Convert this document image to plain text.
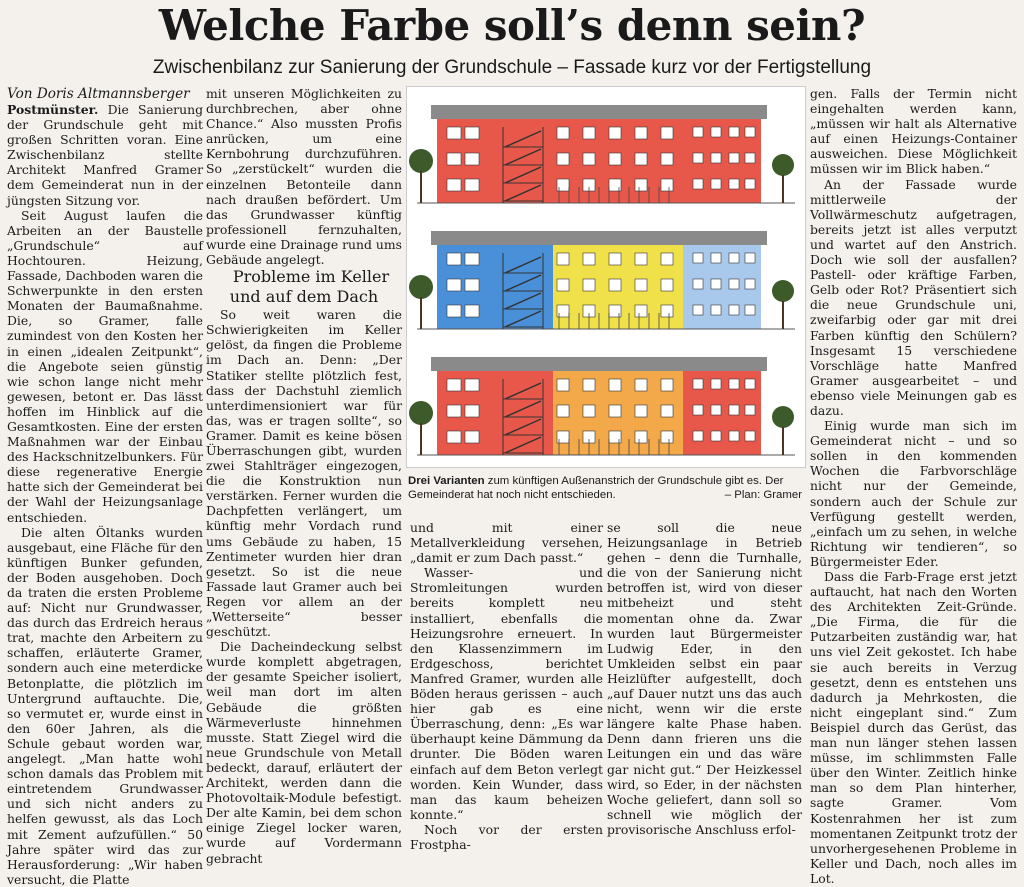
Welche Farbe soll’s denn sein?
Zwischenbilanz zur Sanierung der Grundschule – Fassade kurz vor der Fertigstellung

Von Doris Altmannsberger

Postmünster. Die Sanierung der Grundschule geht mit großen Schritten voran. Eine Zwischenbilanz stellte Architekt Manfred Gramer dem Gemeinderat nun in der jüngsten Sitzung vor.

Seit August laufen die Arbeiten an der Baustelle „Grundschule“ auf Hochtouren. Heizung, Fassade, Dachboden waren die Schwerpunkte in den ersten Monaten der Baumaßnahme. Die, so Gramer, falle zumindest von den Kosten her in einen „idealen Zeitpunkt“, die Angebote seien günstig wie schon lange nicht mehr gewesen, betont er. Das lässt hoffen im Hinblick auf die Gesamtkosten. Eine der ersten Maßnahmen war der Einbau des Hackschnitzelbunkers. Für diese regenerative Energie hatte sich der Gemeinderat bei der Wahl der Heizungsanlage entschieden.

Die alten Öltanks wurden ausgebaut, eine Fläche für den künftigen Bunker gefunden, der Boden ausgehoben. Doch da traten die ersten Probleme auf: Nicht nur Grundwasser, das durch das Erdreich heraus trat, machte den Arbeitern zu schaffen, erläuterte Gramer, sondern auch eine meterdicke Betonplatte, die plötzlich im Untergrund auftauchte. Die, so vermutet er, wurde einst in den 60er Jahren, als die Schule gebaut worden war, angelegt. „Man hatte wohl schon damals das Problem mit eintretendem Grundwasser und sich nicht anders zu helfen gewusst, als das Loch mit Zement aufzufüllen.“ 50 Jahre später wird das zur Herausforderung: „Wir haben versucht, die Platte

mit unseren Möglichkeiten zu durchbrechen, aber ohne Chance.“ Also mussten Profis anrücken, um eine Kernbohrung durchzuführen. So „zerstückelt“ wurden die einzelnen Betonteile dann nach draußen befördert. Um das Grundwasser künftig professionell fernzuhalten, wurde eine Drainage rund ums Gebäude angelegt.

Probleme im Keller und auf dem Dach

So weit waren die Schwierigkeiten im Keller gelöst, da fingen die Probleme im Dach an. Denn: „Der Statiker stellte plötzlich fest, dass der Dachstuhl ziemlich unterdimensioniert war für das, was er tragen sollte“, so Gramer. Damit es keine bösen Überraschungen gibt, wurden zwei Stahlträger eingezogen, die die Konstruktion nun verstärken. Ferner wurden die Dachpfetten verlängert, um künftig mehr Vordach rund ums Gebäude zu haben, 15 Zentimeter wurden hier dran gesetzt. So ist die neue Fassade laut Gramer auch bei Regen vor allem an der „Wetterseite“ besser geschützt.

Die Dacheindeckung selbst wurde komplett abgetragen, der gesamte Speicher isoliert, weil man dort im alten Gebäude die größten Wärmeverluste hinnehmen musste. Statt Ziegel wird die neue Grundschule von Metall bedeckt, darauf, erläutert der Architekt, werden dann die Photovoltaik-Module befestigt. Der alte Kamin, bei dem schon einige Ziegel locker waren, wurde auf Vordermann gebracht

Drei Varianten zum künftigen Außenanstrich der Grundschule gibt es. Der Gemeinderat hat noch nicht entschieden.	– Plan: Gramer

und mit einer Metallverkleidung versehen, „damit er zum Dach passt.“

Wasser- und Stromleitungen wurden bereits komplett neu installiert, ebenfalls die Heizungsrohre erneuert. In den Klassenzimmern im Erdgeschoss, berichtet Manfred Gramer, wurden alle Böden heraus gerissen – auch hier gab es eine Überraschung, denn: „Es war überhaupt keine Dämmung da drunter. Die Böden waren einfach auf dem Beton verlegt worden. Kein Wunder, dass man das kaum beheizen konnte.“

Noch vor der ersten Frostpha-

se soll die neue Heizungsanlage in Betrieb gehen – denn die Turnhalle, die von der Sanierung nicht betroffen ist, wird von dieser mitbeheizt und steht momentan ohne da. Zwar wurden laut Bürgermeister Ludwig Eder, in den Umkleiden selbst ein paar Heizlüfter aufgestellt, doch „auf Dauer nutzt uns das auch nicht, wenn wir die erste längere kalte Phase haben. Denn dann frieren uns die Leitungen ein und das wäre gar nicht gut.“ Der Heizkessel wird, so Eder, in der nächsten Woche geliefert, dann soll so schnell wie möglich der provisorische Anschluss erfol-

gen. Falls der Termin nicht eingehalten werden kann, „müssen wir halt als Alternative auf einen Heizungs-Container ausweichen. Diese Möglichkeit müssen wir im Blick haben.“

An der Fassade wurde mittlerweile der Vollwärmeschutz aufgetragen, bereits jetzt ist alles verputzt und wartet auf den Anstrich. Doch wie soll der ausfallen? Pastell- oder kräftige Farben, Gelb oder Rot? Präsentiert sich die neue Grundschule uni, zweifarbig oder gar mit drei Farben künftig den Schülern? Insgesamt 15 verschiedene Vorschläge hatte Manfred Gramer ausgearbeitet – und ebenso viele Meinungen gab es dazu.

Einig wurde man sich im Gemeinderat nicht – und so sollen in den kommenden Wochen die Farbvorschläge nicht nur der Gemeinde, sondern auch der Schule zur Verfügung gestellt werden, „einfach um zu sehen, in welche Richtung wir tendieren“, so Bürgermeister Eder.

Dass die Farb-Frage erst jetzt auftaucht, hat nach den Worten des Architekten Zeit-Gründe. „Die Firma, die für die Putzarbeiten zuständig war, hat uns viel Zeit gekostet. Ich habe sie auch bereits in Verzug gesetzt, denn es entstehen uns dadurch ja Mehrkosten, die nicht eingeplant sind.“ Zum Beispiel durch das Gerüst, das man nun länger stehen lassen müsse, im schlimmsten Falle über den Winter. Zeitlich hinke man so dem Plan hinterher, sagte Gramer. Vom Kostenrahmen her ist zum momentanen Zeitpunkt trotz der unvorhergesehenen Probleme in Keller und Dach, noch alles im Lot.
